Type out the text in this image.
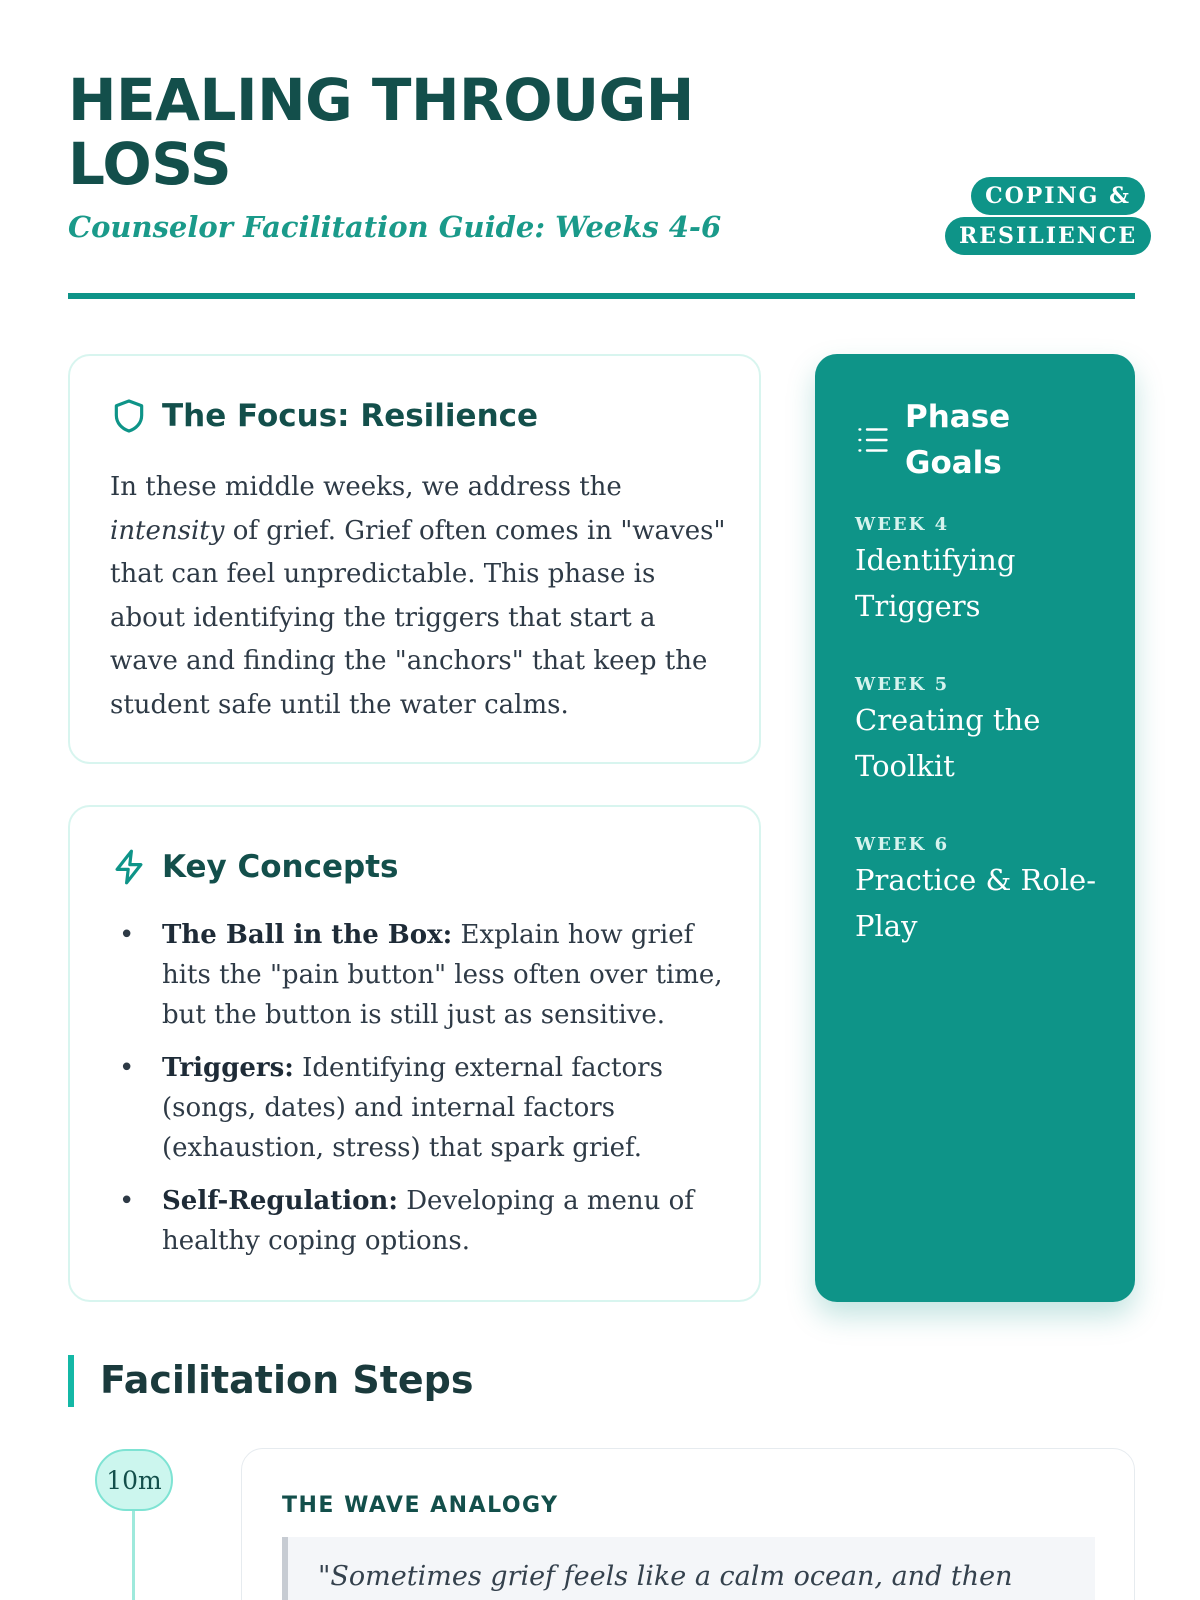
HEALING THROUGH LOSS
Counselor Facilitation Guide: Weeks 4-6
COPING & RESILIENCE
The Focus: Resilience

In these middle weeks, we address the intensity of grief. Grief often comes in "waves" that can feel unpredictable. This phase is about identifying the triggers that start a wave and finding the "anchors" that keep the student safe until the water calms.

Key Concepts
• The Ball in the Box: Explain how grief hits the "pain button" less often over time, but the button is still just as sensitive.
• Triggers: Identifying external factors (songs, dates) and internal factors (exhaustion, stress) that spark grief.
• Self-Regulation: Developing a menu of healthy coping options.
Phase Goals
WEEK 4
Identifying Triggers
WEEK 5
Creating the Toolkit
WEEK 6
Practice & Role-Play
Facilitation Steps
10m
THE WAVE ANALOGY

"Sometimes grief feels like a calm ocean, and then
